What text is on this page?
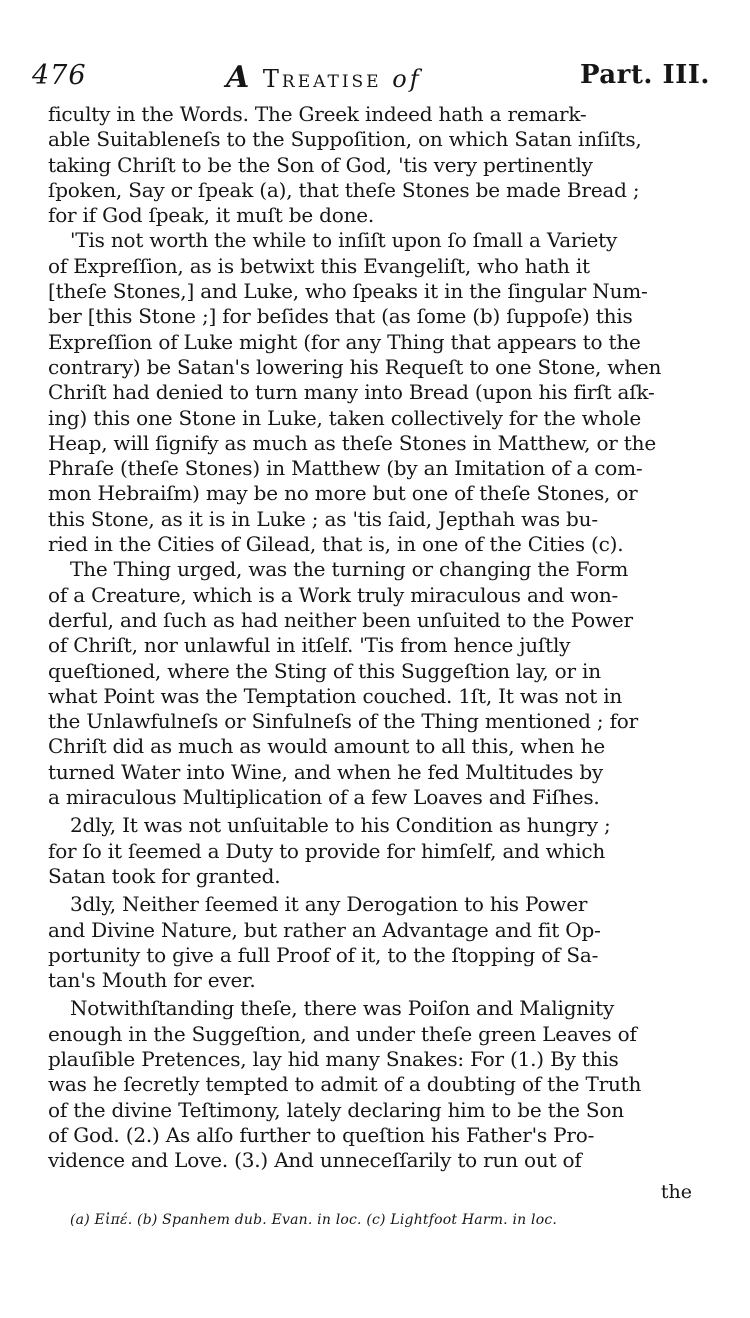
476	A Treatise of	Part. III.
ficulty in the Words. The Greek indeed hath a remark-
able Suitableneſs to the Suppoſition, on which Satan inſiſts,
taking Chriſt to be the Son of God, 'tis very pertinently
ſpoken, Say or ſpeak (a), that theſe Stones be made Bread ;
for if God ſpeak, it muſt be done.
'Tis not worth the while to inſiſt upon ſo ſmall a Variety
of Expreſſion, as is betwixt this Evangeliſt, who hath it
[theſe Stones,] and Luke, who ſpeaks it in the ſingular Num-
ber [this Stone ;] for beſides that (as ſome (b) ſuppoſe) this
Expreſſion of Luke might (for any Thing that appears to the
contrary) be Satan's lowering his Requeſt to one Stone, when
Chriſt had denied to turn many into Bread (upon his firſt aſk-
ing) this one Stone in Luke, taken collectively for the whole
Heap, will ſignify as much as theſe Stones in Matthew, or the
Phraſe (theſe Stones) in Matthew (by an Imitation of a com-
mon Hebraiſm) may be no more but one of theſe Stones, or
this Stone, as it is in Luke ; as 'tis ſaid, Jepthah was bu-
ried in the Cities of Gilead, that is, in one of the Cities (c).
The Thing urged, was the turning or changing the Form
of a Creature, which is a Work truly miraculous and won-
derful, and ſuch as had neither been unſuited to the Power
of Chriſt, nor unlawful in itſelf. 'Tis from hence juſtly
queſtioned, where the Sting of this Suggeſtion lay, or in
what Point was the Temptation couched. 1ſt, It was not in
the Unlawfulneſs or Sinfulneſs of the Thing mentioned ; for
Chriſt did as much as would amount to all this, when he
turned Water into Wine, and when he fed Multitudes by
a miraculous Multiplication of a few Loaves and Fiſhes.
2dly, It was not unſuitable to his Condition as hungry ;
for ſo it ſeemed a Duty to provide for himſelf, and which
Satan took for granted.
3dly, Neither ſeemed it any Derogation to his Power
and Divine Nature, but rather an Advantage and fit Op-
portunity to give a full Proof of it, to the ſtopping of Sa-
tan's Mouth for ever.
Notwithſtanding theſe, there was Poiſon and Malignity
enough in the Suggeſtion, and under theſe green Leaves of
plauſible Pretences, lay hid many Snakes: For (1.) By this
was he ſecretly tempted to admit of a doubting of the Truth
of the divine Teſtimony, lately declaring him to be the Son
of God. (2.) As alſo further to queſtion his Father's Pro-
vidence and Love. (3.) And unneceſſarily to run out of
the
(a) Εἰπέ. (b) Spanhem dub. Evan. in loc. (c) Lightfoot Harm. in loc.
